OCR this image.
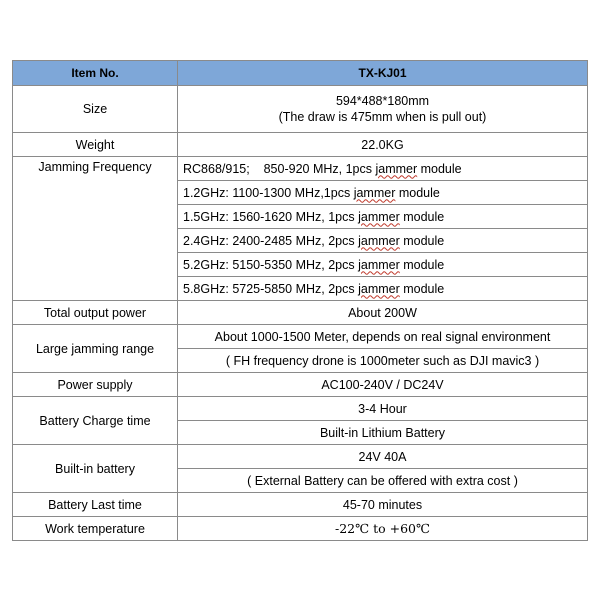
Item No.	TX-KJ01
Size	594*488*180mm
(The draw is 475mm when is pull out)

Weight	22.0KG
Jamming Frequency	RC868/915;    850-920 MHz, 1pcs jammer module
	1.2GHz: 1100-1300 MHz,1pcs jammer module
	1.5GHz: 1560-1620 MHz, 1pcs jammer module
	2.4GHz: 2400-2485 MHz, 2pcs jammer module
	5.2GHz: 5150-5350 MHz, 2pcs jammer module
	5.8GHz: 5725-5850 MHz, 2pcs jammer module
Total output power	About 200W
Large jamming range	About 1000-1500 Meter, depends on real signal environment
	( FH frequency drone is 1000meter such as DJI mavic3 )
Power supply	AC100-240V / DC24V
Battery Charge time	3-4 Hour
	Built-in Lithium Battery
Built-in battery	24V 40A
	( External Battery can be offered with extra cost )
Battery Last time	45-70 minutes
Work temperature	-22℃ to +60℃
